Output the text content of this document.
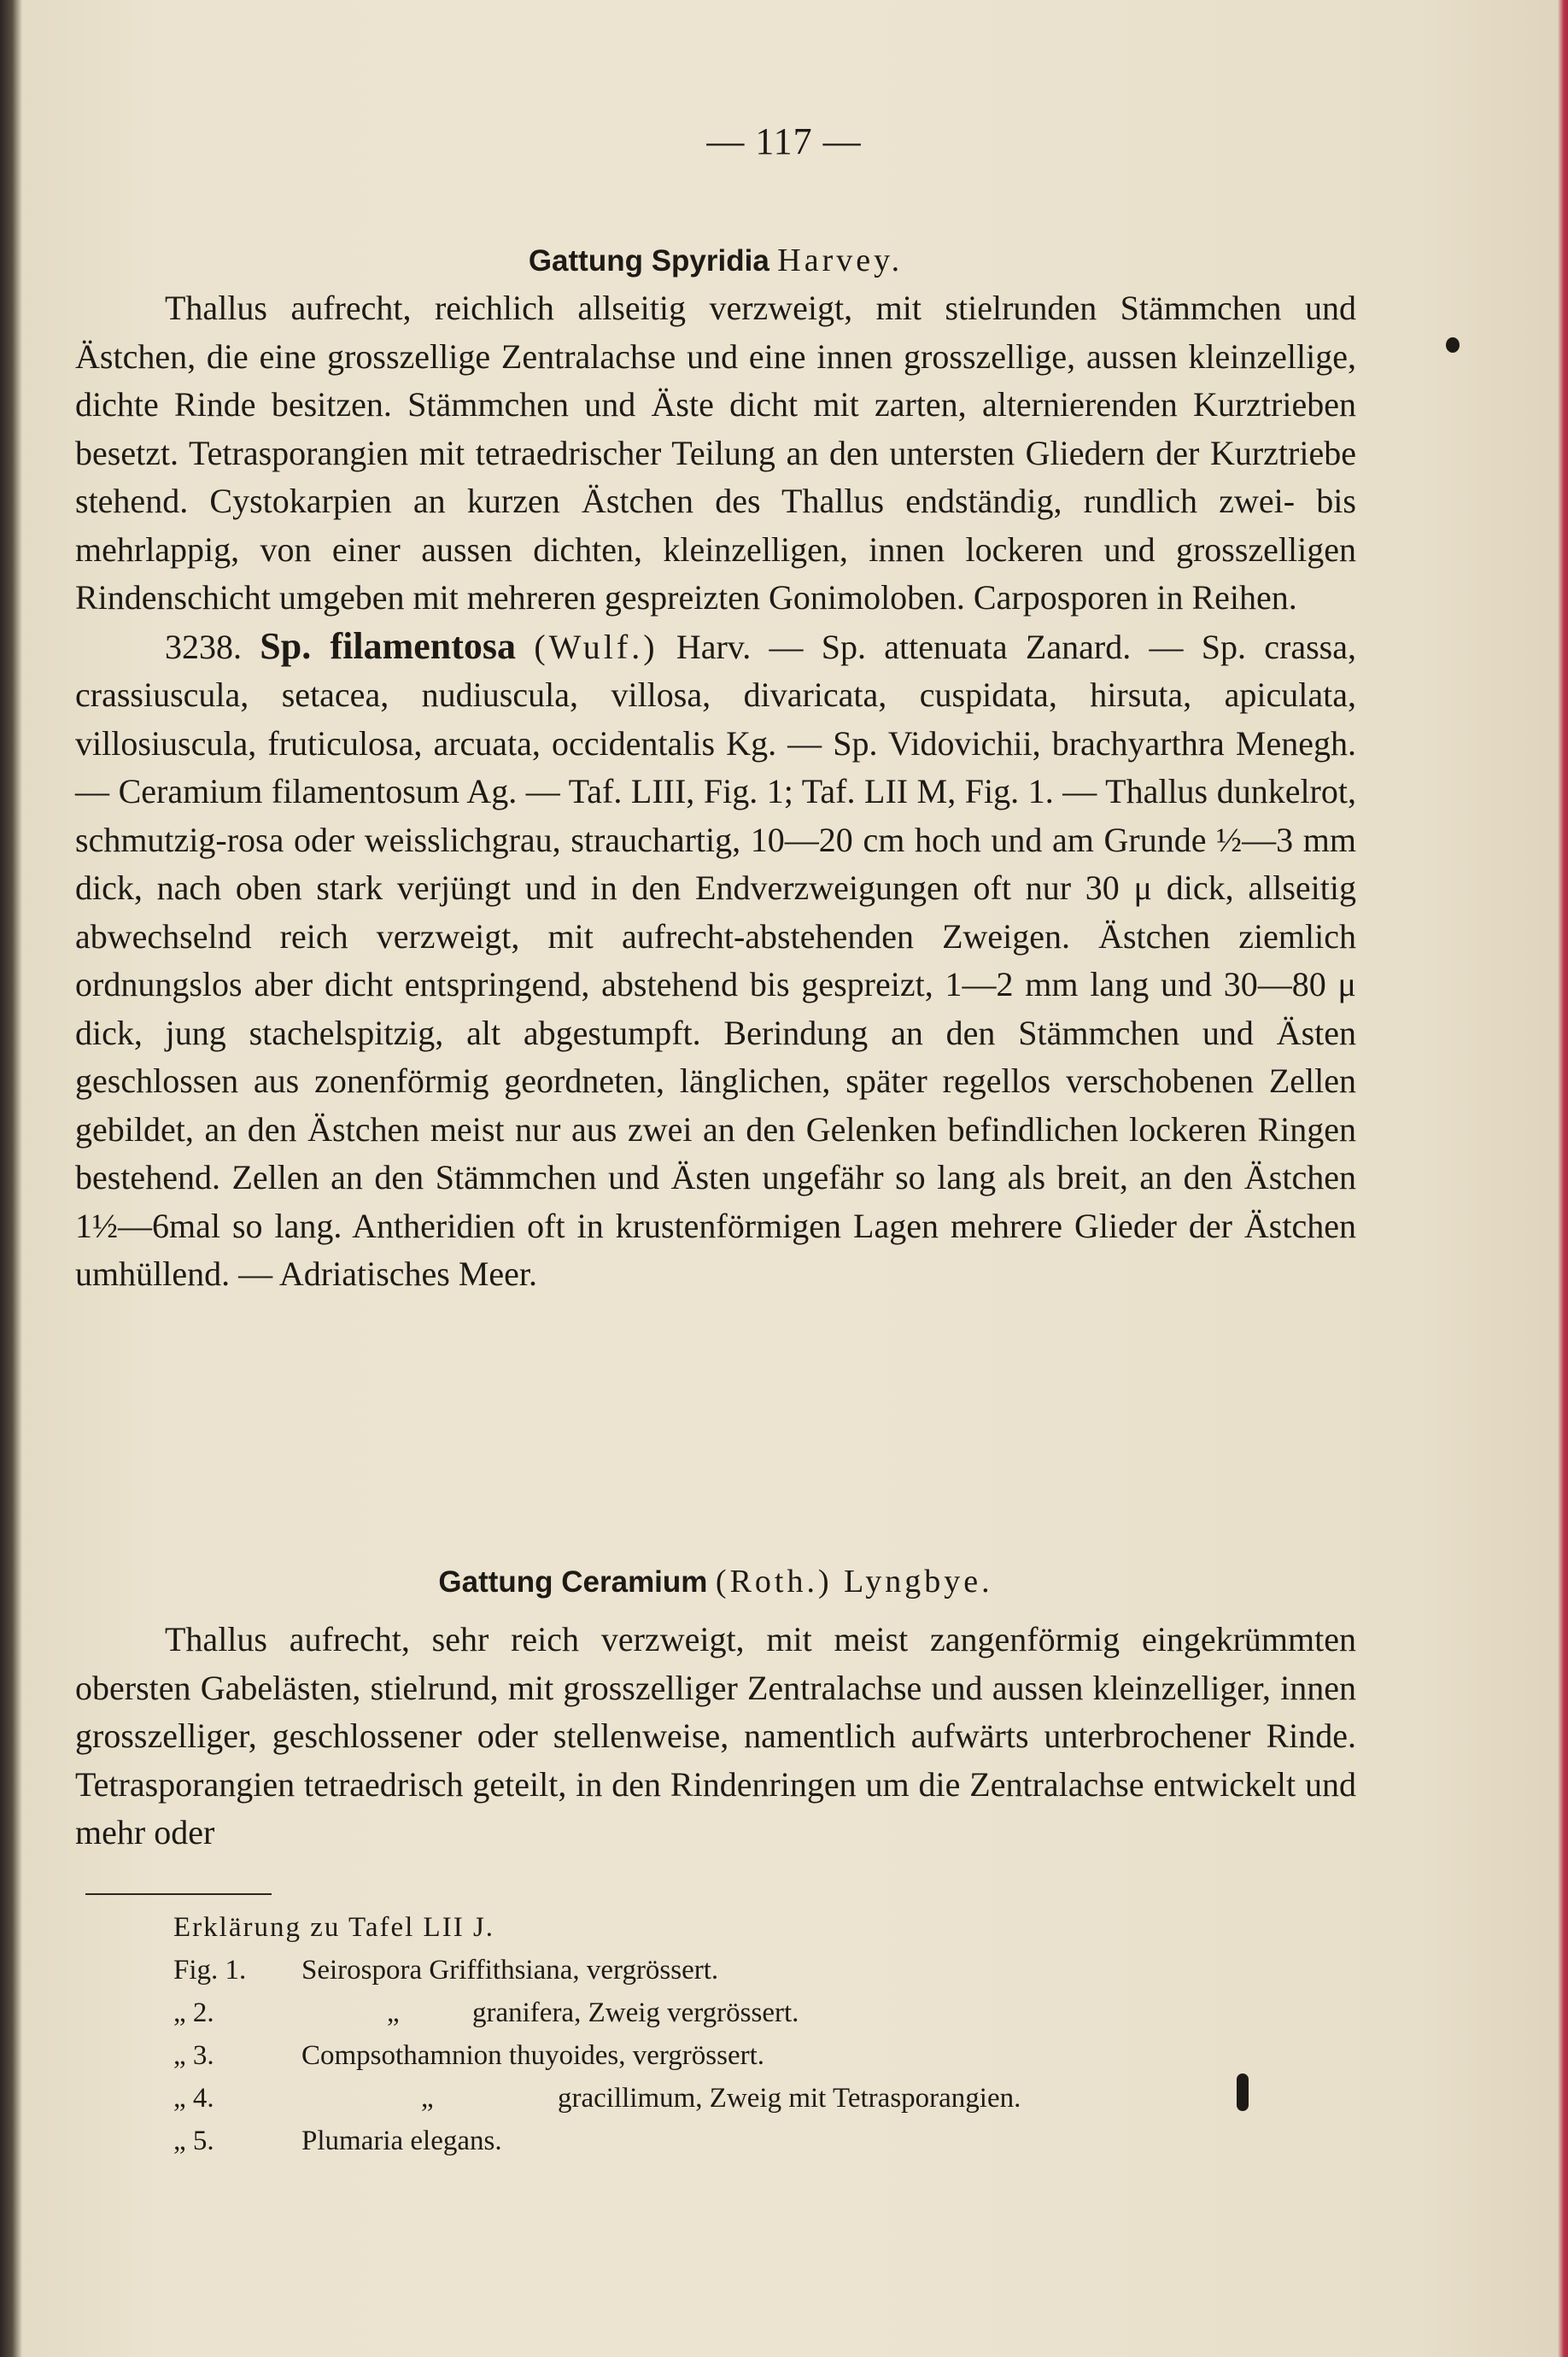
— 117 —
Gattung Spyridia Harvey.

Thallus aufrecht, reichlich allseitig verzweigt, mit stielrunden Stämmchen und Ästchen, die eine grosszellige Zentralachse und eine innen grosszellige, aussen kleinzellige, dichte Rinde besitzen. Stämmchen und Äste dicht mit zarten, alternierenden Kurztrieben besetzt. Tetrasporangien mit tetraedrischer Teilung an den untersten Gliedern der Kurztriebe stehend. Cystokarpien an kurzen Ästchen des Thallus endständig, rundlich zwei- bis mehrlappig, von einer aussen dichten, kleinzelligen, innen lockeren und grosszelligen Rindenschicht umgeben mit mehreren gespreizten Gonimoloben. Carposporen in Reihen.

3238. Sp. filamentosa (Wulf.) Harv. — Sp. attenuata Zanard. — Sp. crassa, crassiuscula, setacea, nudiuscula, villosa, divaricata, cuspidata, hirsuta, apiculata, villosiuscula, fruticulosa, arcuata, occidentalis Kg. — Sp. Vidovichii, brachyarthra Menegh. — Ceramium filamentosum Ag. — Taf. LIII, Fig. 1; Taf. LII M, Fig. 1. — Thallus dunkelrot, schmutzig-rosa oder weisslichgrau, strauchartig, 10—20 cm hoch und am Grunde ½—3 mm dick, nach oben stark verjüngt und in den Endverzweigungen oft nur 30 μ dick, allseitig abwechselnd reich verzweigt, mit aufrecht-abstehenden Zweigen. Ästchen ziemlich ordnungslos aber dicht entspringend, abstehend bis gespreizt, 1—2 mm lang und 30—80 μ dick, jung stachelspitzig, alt abgestumpft. Berindung an den Stämmchen und Ästen geschlossen aus zonenförmig geordneten, länglichen, später regellos verschobenen Zellen gebildet, an den Ästchen meist nur aus zwei an den Gelenken befindlichen lockeren Ringen bestehend. Zellen an den Stämmchen und Ästen ungefähr so lang als breit, an den Ästchen 1½—6mal so lang. Antheridien oft in krustenförmigen Lagen mehrere Glieder der Ästchen umhüllend. — Adriatisches Meer.

Gattung Ceramium (Roth.) Lyngbye.

Thallus aufrecht, sehr reich verzweigt, mit meist zangenförmig eingekrümmten obersten Gabelästen, stielrund, mit grosszelliger Zentralachse und aussen kleinzelliger, innen grosszelliger, geschlossener oder stellenweise, namentlich aufwärts unterbrochener Rinde. Tetrasporangien tetraedrisch geteilt, in den Rindenringen um die Zentralachse entwickelt und mehr oder

Erklärung zu Tafel LII J.
Fig. 1. Seirospora Griffithsiana, vergrössert.
„ 2.	„	granifera, Zweig vergrössert.
„ 3.	Compsothamnion thuyoides, vergrössert.
„ 4.	„	gracillimum, Zweig mit Tetrasporangien.
„ 5.	Plumaria elegans.
